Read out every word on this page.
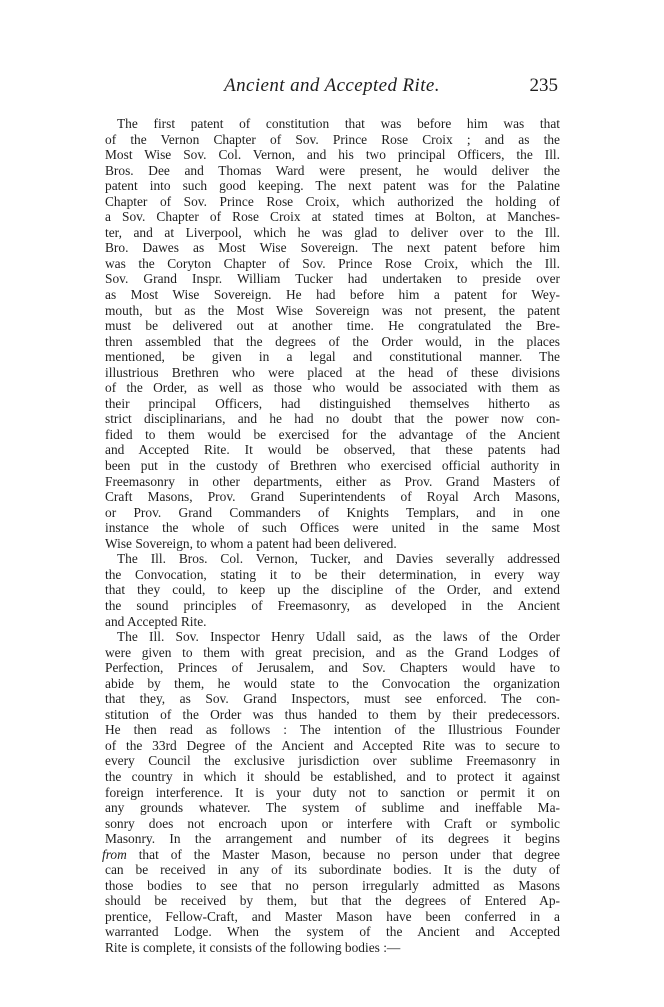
Ancient and Accepted Rite.	235
The first patent of constitution that was before him was that
of the Vernon Chapter of Sov. Prince Rose Croix ; and as the
Most Wise Sov. Col. Vernon, and his two principal Officers, the Ill.
Bros. Dee and Thomas Ward were present, he would deliver the
patent into such good keeping. The next patent was for the Palatine
Chapter of Sov. Prince Rose Croix, which authorized the holding of
a Sov. Chapter of Rose Croix at stated times at Bolton, at Manches-
ter, and at Liverpool, which he was glad to deliver over to the Ill.
Bro. Dawes as Most Wise Sovereign. The next patent before him
was the Coryton Chapter of Sov. Prince Rose Croix, which the Ill.
Sov. Grand Inspr. William Tucker had undertaken to preside over
as Most Wise Sovereign. He had before him a patent for Wey-
mouth, but as the Most Wise Sovereign was not present, the patent
must be delivered out at another time. He congratulated the Bre-
thren assembled that the degrees of the Order would, in the places
mentioned, be given in a legal and constitutional manner. The
illustrious Brethren who were placed at the head of these divisions
of the Order, as well as those who would be associated with them as
their principal Officers, had distinguished themselves hitherto as
strict disciplinarians, and he had no doubt that the power now con-
fided to them would be exercised for the advantage of the Ancient
and Accepted Rite. It would be observed, that these patents had
been put in the custody of Brethren who exercised official authority in
Freemasonry in other departments, either as Prov. Grand Masters of
Craft Masons, Prov. Grand Superintendents of Royal Arch Masons,
or Prov. Grand Commanders of Knights Templars, and in one
instance the whole of such Offices were united in the same Most
Wise Sovereign, to whom a patent had been delivered.
The Ill. Bros. Col. Vernon, Tucker, and Davies severally addressed
the Convocation, stating it to be their determination, in every way
that they could, to keep up the discipline of the Order, and extend
the sound principles of Freemasonry, as developed in the Ancient
and Accepted Rite.
The Ill. Sov. Inspector Henry Udall said, as the laws of the Order
were given to them with great precision, and as the Grand Lodges of
Perfection, Princes of Jerusalem, and Sov. Chapters would have to
abide by them, he would state to the Convocation the organization
that they, as Sov. Grand Inspectors, must see enforced. The con-
stitution of the Order was thus handed to them by their predecessors.
He then read as follows : The intention of the Illustrious Founder
of the 33rd Degree of the Ancient and Accepted Rite was to secure to
every Council the exclusive jurisdiction over sublime Freemasonry in
the country in which it should be established, and to protect it against
foreign interference. It is your duty not to sanction or permit it on
any grounds whatever. The system of sublime and ineffable Ma-
sonry does not encroach upon or interfere with Craft or symbolic
Masonry. In the arrangement and number of its degrees it begins
from that of the Master Mason, because no person under that degree
can be received in any of its subordinate bodies. It is the duty of
those bodies to see that no person irregularly admitted as Masons
should be received by them, but that the degrees of Entered Ap-
prentice, Fellow-Craft, and Master Mason have been conferred in a
warranted Lodge. When the system of the Ancient and Accepted
Rite is complete, it consists of the following bodies :—
